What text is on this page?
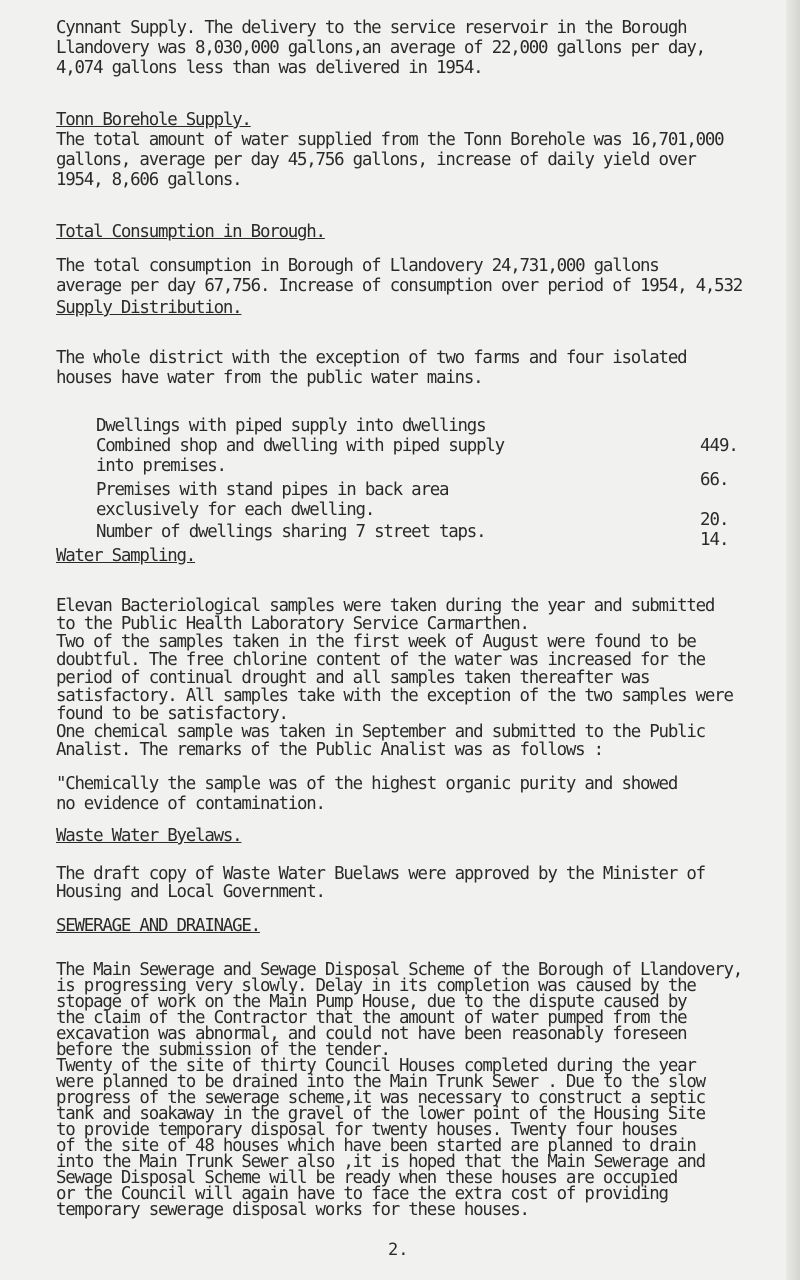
Cynnant Supply. The delivery to the service reservoir in the Borough
Llandovery was 8,030,000 gallons,an average of 22,000 gallons per day,
4,074 gallons less than was delivered in 1954.
Tonn Borehole Supply.
The total amount of water supplied from the Tonn Borehole was 16,701,000
gallons, average per day 45,756 gallons, increase of daily yield over
1954, 8,606 gallons.
Total Consumption in Borough.
The total consumption in Borough of Llandovery 24,731,000 gallons
average per day 67,756. Increase of consumption over period of 1954, 4,532
Supply Distribution.
The whole district with the exception of two farms and four isolated
houses have water from the public water mains.
Dwellings with piped supply into dwellings
Combined shop and dwelling with piped supply
into premises.
449.
Premises with stand pipes in back area
exclusively for each dwelling.
66.
Number of dwellings sharing 7 street taps.
20.
14.
Water Sampling.
Elevan Bacteriological samples were taken during the year and submitted
to the Public Health Laboratory Service Carmarthen.
Two of the samples taken in the first week of August were found to be
doubtful. The free chlorine content of the water was increased for the
period of continual drought and all samples taken thereafter was
satisfactory. All samples take with the exception of the two samples were
found to be satisfactory.
One chemical sample was taken in September and submitted to the Public
Analist. The remarks of the Public Analist was as follows :
"Chemically the sample was of the highest organic purity and showed
no evidence of contamination.
Waste Water Byelaws.
The draft copy of Waste Water Buelaws were approved by the Minister of
Housing and Local Government.
SEWERAGE AND DRAINAGE.
The Main Sewerage and Sewage Disposal Scheme of the Borough of Llandovery,
is progressing very slowly. Delay in its completion was caused by the
stopage of work on the Main Pump House, due to the dispute caused by
the claim of the Contractor that the amount of water pumped from the
excavation was abnormal, and could not have been reasonably foreseen
before the submission of the tender.
Twenty of the site of thirty Council Houses completed during the year
were planned to be drained into the Main Trunk Sewer . Due to the slow
progress of the sewerage scheme,it was necessary to construct a septic
tank and soakaway in the gravel of the lower point of the Housing Site
to provide temporary disposal for twenty houses. Twenty four houses
of the site of 48 houses which have been started are planned to drain
into the Main Trunk Sewer also ,it is hoped that the Main Sewerage and
Sewage Disposal Scheme will be ready when these houses are occupied
or the Council will again have to face the extra cost of providing
temporary sewerage disposal works for these houses.
2.
